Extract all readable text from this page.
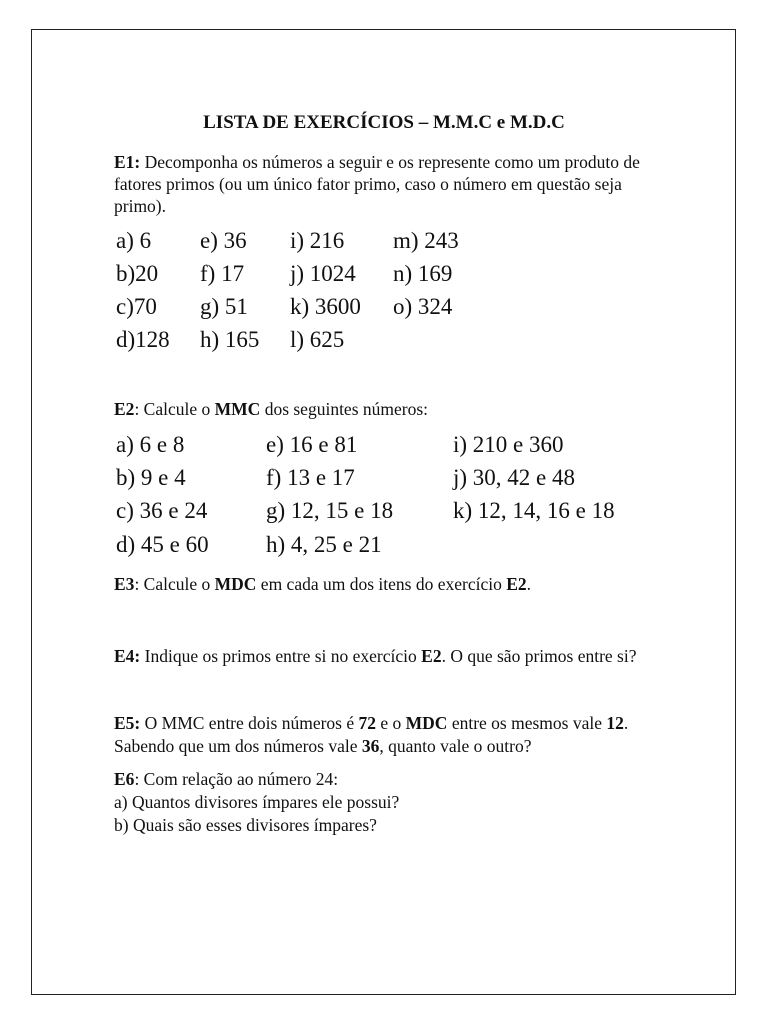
LISTA DE EXERCÍCIOS – M.M.C e M.D.C
E1: Decomponha os números a seguir e os represente como um produto de
fatores primos (ou um único fator primo, caso o número em questão seja
primo).
a) 6 e) 36 i) 216 m) 243
b)20 f) 17 j) 1024 n) 169
c)70 g) 51 k) 3600 o) 324
d)128 h) 165 l) 625
E2: Calcule o MMC dos seguintes números:
a) 6 e 8	e) 16 e 81	i) 210 e 360
b) 9 e 4	f) 13 e 17	j) 30, 42 e 48
c) 36 e 24	g) 12, 15 e 18	k) 12, 14, 16 e 18
d) 45 e 60 h) 4, 25 e 21
E3: Calcule o MDC em cada um dos itens do exercício E2.
E4: Indique os primos entre si no exercício E2. O que são primos entre si?
E5: O MMC entre dois números é 72 e o MDC entre os mesmos vale 12.
Sabendo que um dos números vale 36, quanto vale o outro?
E6: Com relação ao número 24:
a) Quantos divisores ímpares ele possui?
b) Quais são esses divisores ímpares?
